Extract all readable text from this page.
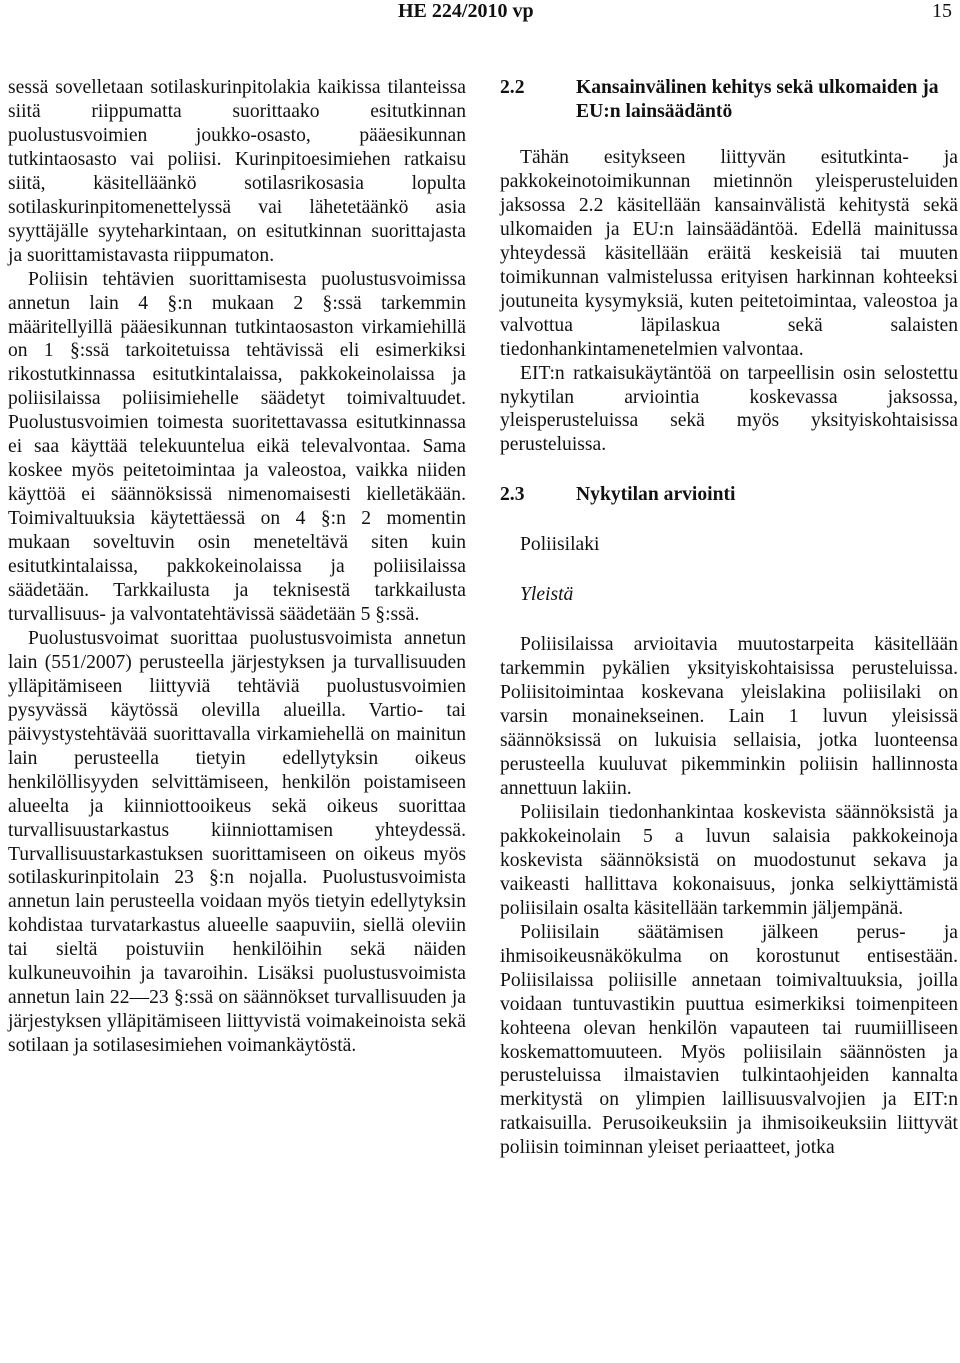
HE 224/2010 vp	15

sessä sovelletaan sotilaskurinpitolakia kaikissa tilanteissa siitä riippumatta suorittaako esitutkinnan puolustusvoimien joukko-osasto, pääesikunnan tutkintaosasto vai poliisi. Kurinpitoesimiehen ratkaisu siitä, käsitelläänkö sotilasrikosasia lopulta sotilaskurinpitomenettelyssä vai lähetetäänkö asia syyttäjälle syyteharkintaan, on esitutkinnan suorittajasta ja suorittamistavasta riippumaton.

Poliisin tehtävien suorittamisesta puolustusvoimissa annetun lain 4 §:n mukaan 2 §:ssä tarkemmin määritellyillä pääesikunnan tutkintaosaston virkamiehillä on 1 §:ssä tarkoitetuissa tehtävissä eli esimerkiksi rikostutkinnassa esitutkintalaissa, pakkokeinolaissa ja poliisilaissa poliisimiehelle säädetyt toimivaltuudet. Puolustusvoimien toimesta suoritettavassa esitutkinnassa ei saa käyttää telekuuntelua eikä televalvontaa. Sama koskee myös peitetoimintaa ja valeostoa, vaikka niiden käyttöä ei säännöksissä nimenomaisesti kielletäkään. Toimivaltuuksia käytettäessä on 4 §:n 2 momentin mukaan soveltuvin osin meneteltävä siten kuin esitutkintalaissa, pakkokeinolaissa ja poliisilaissa säädetään. Tarkkailusta ja teknisestä tarkkailusta turvallisuus- ja valvontatehtävissä säädetään 5 §:ssä.

Puolustusvoimat suorittaa puolustusvoimista annetun lain (551/2007) perusteella järjestyksen ja turvallisuuden ylläpitämiseen liittyviä tehtäviä puolustusvoimien pysyvässä käytössä olevilla alueilla. Vartio- tai päivystystehtävää suorittavalla virkamiehellä on mainitun lain perusteella tietyin edellytyksin oikeus henkilöllisyyden selvittämiseen, henkilön poistamiseen alueelta ja kiinniottooikeus sekä oikeus suorittaa turvallisuustarkastus kiinniottamisen yhteydessä. Turvallisuustarkastuksen suorittamiseen on oikeus myös sotilaskurinpitolain 23 §:n nojalla. Puolustusvoimista annetun lain perusteella voidaan myös tietyin edellytyksin kohdistaa turvatarkastus alueelle saapuviin, siellä oleviin tai sieltä poistuviin henkilöihin sekä näiden kulkuneuvoihin ja tavaroihin. Lisäksi puolustusvoimista annetun lain 22—23 §:ssä on säännökset turvallisuuden ja järjestyksen ylläpitämiseen liittyvistä voimakeinoista sekä sotilaan ja sotilasesimiehen voimankäytöstä.

2.2	Kansainvälinen kehitys sekä ulkomaiden ja EU:n lainsäädäntö

Tähän esitykseen liittyvän esitutkinta- ja pakkokeinotoimikunnan mietinnön yleisperusteluiden jaksossa 2.2 käsitellään kansainvälistä kehitystä sekä ulkomaiden ja EU:n lainsäädäntöä. Edellä mainitussa yhteydessä käsitellään eräitä keskeisiä tai muuten toimikunnan valmistelussa erityisen harkinnan kohteeksi joutuneita kysymyksiä, kuten peitetoimintaa, valeostoa ja valvottua läpilaskua sekä salaisten tiedonhankintamenetelmien valvontaa.

EIT:n ratkaisukäytäntöä on tarpeellisin osin selostettu nykytilan arviointia koskevassa jaksossa, yleisperusteluissa sekä myös yksityiskohtaisissa perusteluissa.

2.3	Nykytilan arviointi

Poliisilaki

Yleistä

Poliisilaissa arvioitavia muutostarpeita käsitellään tarkemmin pykälien yksityiskohtaisissa perusteluissa. Poliisitoimintaa koskevana yleislakina poliisilaki on varsin monainekseinen. Lain 1 luvun yleisissä säännöksissä on lukuisia sellaisia, jotka luonteensa perusteella kuuluvat pikemminkin poliisin hallinnosta annettuun lakiin.

Poliisilain tiedonhankintaa koskevista säännöksistä ja pakkokeinolain 5 a luvun salaisia pakkokeinoja koskevista säännöksistä on muodostunut sekava ja vaikeasti hallittava kokonaisuus, jonka selkiyttämistä poliisilain osalta käsitellään tarkemmin jäljempänä.

Poliisilain säätämisen jälkeen perus- ja ihmisoikeusnäkökulma on korostunut entisestään. Poliisilaissa poliisille annetaan toimivaltuuksia, joilla voidaan tuntuvastikin puuttua esimerkiksi toimenpiteen kohteena olevan henkilön vapauteen tai ruumiilliseen koskemattomuuteen. Myös poliisilain säännösten ja perusteluissa ilmaistavien tulkintaohjeiden kannalta merkitystä on ylimpien laillisuusvalvojien ja EIT:n ratkaisuilla. Perusoikeuksiin ja ihmisoikeuksiin liittyvät poliisin toiminnan yleiset periaatteet, jotka
